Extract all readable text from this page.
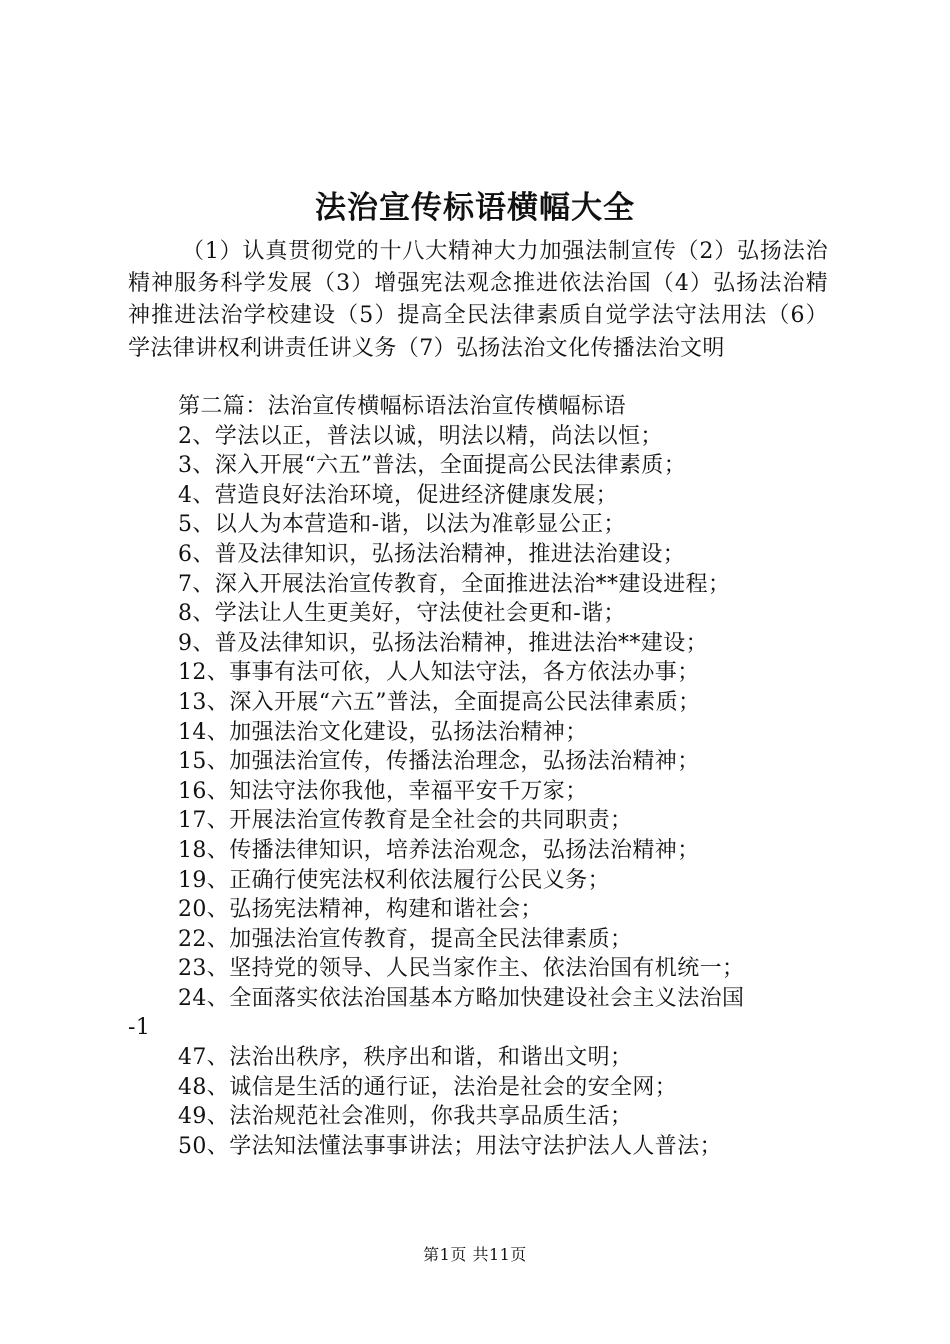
法治宣传标语横幅大全
（1）认真贯彻党的十八大精神大力加强法制宣传（2）弘扬法治精神服务科学发展（3）增强宪法观念推进依法治国（4）弘扬法治精神推进法治学校建设（5）提高全民法律素质自觉学法守法用法（6）学法律讲权利讲责任讲义务（7）弘扬法治文化传播法治文明
第二篇：法治宣传横幅标语法治宣传横幅标语
2、学法以正，普法以诚，明法以精，尚法以恒；
3、深入开展“六五”普法，全面提高公民法律素质；
4、营造良好法治环境，促进经济健康发展；
5、以人为本营造和-谐，以法为准彰显公正；
6、普及法律知识，弘扬法治精神，推进法治建设；
7、深入开展法治宣传教育，全面推进法治**建设进程；
8、学法让人生更美好，守法使社会更和-谐；
9、普及法律知识，弘扬法治精神，推进法治**建设；
12、事事有法可依，人人知法守法，各方依法办事；
13、深入开展“六五”普法，全面提高公民法律素质；
14、加强法治文化建设，弘扬法治精神；
15、加强法治宣传，传播法治理念，弘扬法治精神；
16、知法守法你我他，幸福平安千万家；
17、开展法治宣传教育是全社会的共同职责；
18、传播法律知识，培养法治观念，弘扬法治精神；
19、正确行使宪法权利依法履行公民义务；
20、弘扬宪法精神，构建和谐社会；
22、加强法治宣传教育，提高全民法律素质；
23、坚持党的领导、人民当家作主、依法治国有机统一；
24、全面落实依法治国基本方略加快建设社会主义法治国
-1
47、法治出秩序，秩序出和谐，和谐出文明；
48、诚信是生活的通行证，法治是社会的安全网；
49、法治规范社会准则，你我共享品质生活；
50、学法知法懂法事事讲法；用法守法护法人人普法；
第1页 共11页
